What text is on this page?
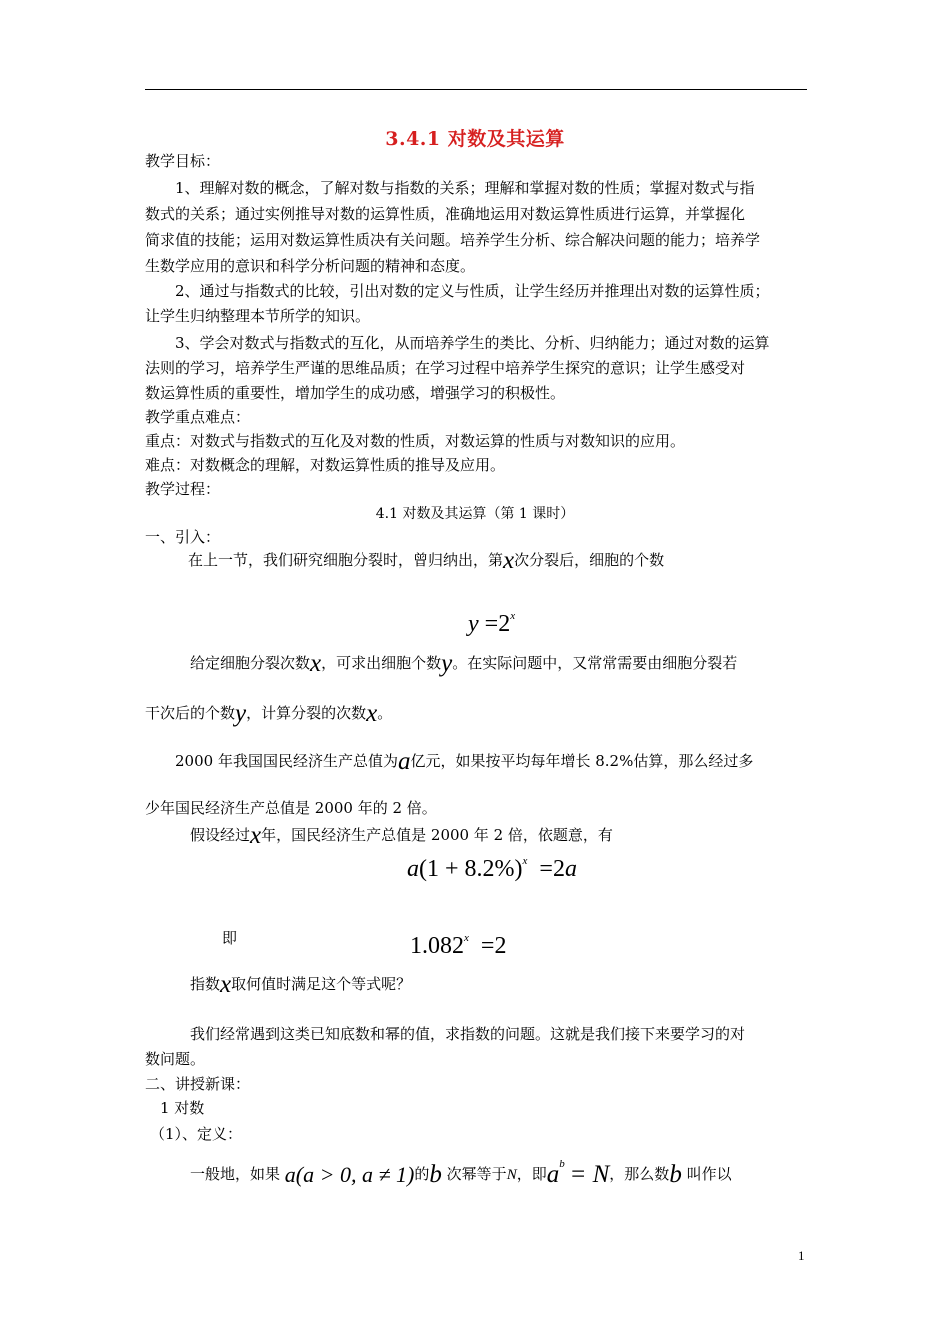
3.4.1 对数及其运算
教学目标：
1、理解对数的概念，了解对数与指数的关系；理解和掌握对数的性质；掌握对数式与指
数式的关系；通过实例推导对数的运算性质，准确地运用对数运算性质进行运算，并掌握化
简求值的技能；运用对数运算性质决有关问题。培养学生分析、综合解决问题的能力；培养学
生数学应用的意识和科学分析问题的精神和态度。
2、通过与指数式的比较，引出对数的定义与性质，让学生经历并推理出对数的运算性质；
让学生归纳整理本节所学的知识。
3、学会对数式与指数式的互化，从而培养学生的类比、分析、归纳能力；通过对数的运算
法则的学习，培养学生严谨的思维品质；在学习过程中培养学生探究的意识；让学生感受对
数运算性质的重要性，增加学生的成功感，增强学习的积极性。
教学重点难点：
重点：对数式与指数式的互化及对数的性质，对数运算的性质与对数知识的应用。
难点：对数概念的理解，对数运算性质的推导及应用。
教学过程：
4.1 对数及其运算（第 1 课时）
一、引入：
在上一节，我们研究细胞分裂时，曾归纳出，第x次分裂后，细胞的个数
$y =2^x$
给定细胞分裂次数x，可求出细胞个数y。在实际问题中，又常常需要由细胞分裂若
干次后的个数y，计算分裂的次数x。
2000 年我国国民经济生产总值为a亿元，如果按平均每年增长 8.2%估算，那么经过多
少年国民经济生产总值是 2000 年的 2 倍。
假设经过x年，国民经济生产总值是 2000 年 2 倍，依题意，有
$a(1 + 8.2\%)^x =2a$
即	$1.082^x =2$
指数x取何值时满足这个等式呢？
我们经常遇到这类已知底数和幂的值，求指数的问题。这就是我们接下来要学习的对
数问题。
二、讲授新课：
1 对数
（1）、定义：
一般地，如果 a(a > 0, a ≠ 1)的b 次幂等于N，即$a^b = N$，那么数b 叫作以
1
